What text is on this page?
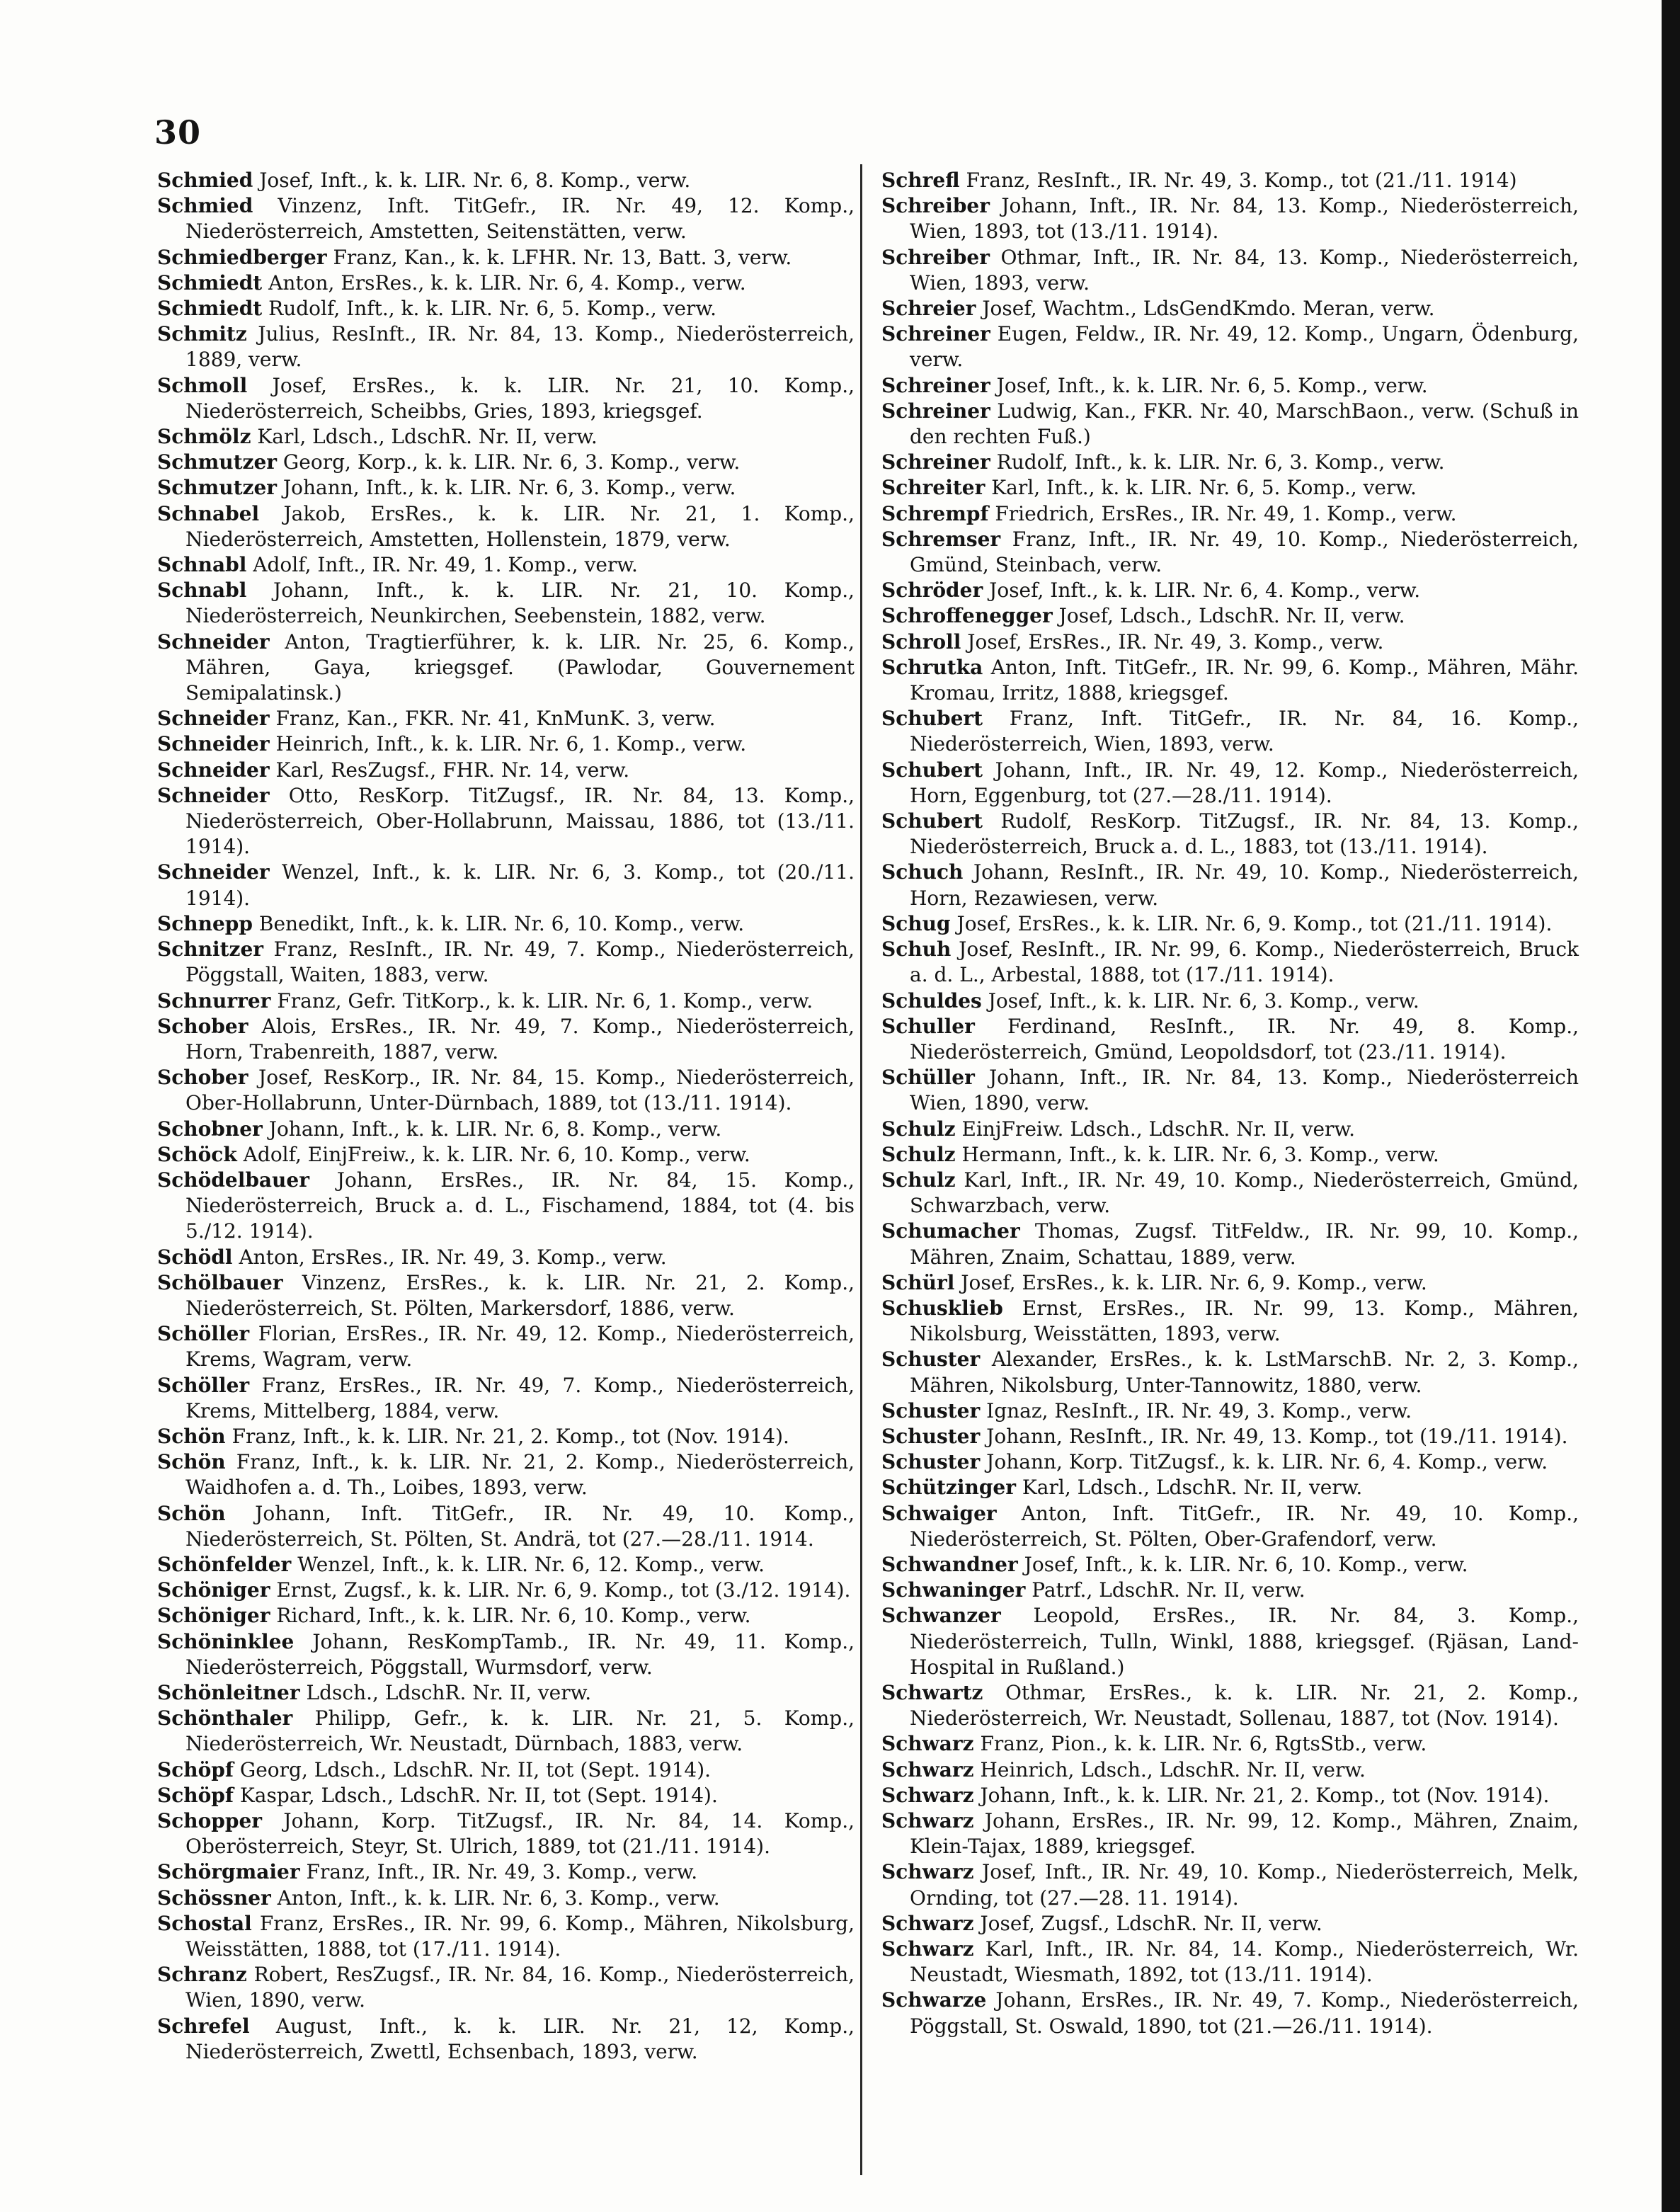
30
Schmied Josef, Inft., k. k. LIR. Nr. 6, 8. Komp., verw.
Schmied Vinzenz, Inft. TitGefr., IR. Nr. 49, 12. Komp., Niederösterreich, Amstetten, Seitenstätten, verw.
Schmiedberger Franz, Kan., k. k. LFHR. Nr. 13, Batt. 3, verw.
Schmiedt Anton, ErsRes., k. k. LIR. Nr. 6, 4. Komp., verw.
Schmiedt Rudolf, Inft., k. k. LIR. Nr. 6, 5. Komp., verw.
Schmitz Julius, ResInft., IR. Nr. 84, 13. Komp., Niederösterreich, 1889, verw.
Schmoll Josef, ErsRes., k. k. LIR. Nr. 21, 10. Komp., Niederösterreich, Scheibbs, Gries, 1893, kriegsgef.
Schmölz Karl, Ldsch., LdschR. Nr. II, verw.
Schmutzer Georg, Korp., k. k. LIR. Nr. 6, 3. Komp., verw.
Schmutzer Johann, Inft., k. k. LIR. Nr. 6, 3. Komp., verw.
Schnabel Jakob, ErsRes., k. k. LIR. Nr. 21, 1. Komp., Niederösterreich, Amstetten, Hollenstein, 1879, verw.
Schnabl Adolf, Inft., IR. Nr. 49, 1. Komp., verw.
Schnabl Johann, Inft., k. k. LIR. Nr. 21, 10. Komp., Niederösterreich, Neunkirchen, Seebenstein, 1882, verw.
Schneider Anton, Tragtierführer, k. k. LIR. Nr. 25, 6. Komp., Mähren, Gaya, kriegsgef. (Pawlodar, Gouvernement Semipalatinsk.)
Schneider Franz, Kan., FKR. Nr. 41, KnMunK. 3, verw.
Schneider Heinrich, Inft., k. k. LIR. Nr. 6, 1. Komp., verw.
Schneider Karl, ResZugsf., FHR. Nr. 14, verw.
Schneider Otto, ResKorp. TitZugsf., IR. Nr. 84, 13. Komp., Niederösterreich, Ober-Hollabrunn, Maissau, 1886, tot (13./11. 1914).
Schneider Wenzel, Inft., k. k. LIR. Nr. 6, 3. Komp., tot (20./11. 1914).
Schnepp Benedikt, Inft., k. k. LIR. Nr. 6, 10. Komp., verw.
Schnitzer Franz, ResInft., IR. Nr. 49, 7. Komp., Niederösterreich, Pöggstall, Waiten, 1883, verw.
Schnurrer Franz, Gefr. TitKorp., k. k. LIR. Nr. 6, 1. Komp., verw.
Schober Alois, ErsRes., IR. Nr. 49, 7. Komp., Niederösterreich, Horn, Trabenreith, 1887, verw.
Schober Josef, ResKorp., IR. Nr. 84, 15. Komp., Niederösterreich, Ober-Hollabrunn, Unter-Dürnbach, 1889, tot (13./11. 1914).
Schobner Johann, Inft., k. k. LIR. Nr. 6, 8. Komp., verw.
Schöck Adolf, EinjFreiw., k. k. LIR. Nr. 6, 10. Komp., verw.
Schödelbauer Johann, ErsRes., IR. Nr. 84, 15. Komp., Niederösterreich, Bruck a. d. L., Fischamend, 1884, tot (4. bis 5./12. 1914).
Schödl Anton, ErsRes., IR. Nr. 49, 3. Komp., verw.
Schölbauer Vinzenz, ErsRes., k. k. LIR. Nr. 21, 2. Komp., Niederösterreich, St. Pölten, Markersdorf, 1886, verw.
Schöller Florian, ErsRes., IR. Nr. 49, 12. Komp., Niederösterreich, Krems, Wagram, verw.
Schöller Franz, ErsRes., IR. Nr. 49, 7. Komp., Niederösterreich, Krems, Mittelberg, 1884, verw.
Schön Franz, Inft., k. k. LIR. Nr. 21, 2. Komp., tot (Nov. 1914).
Schön Franz, Inft., k. k. LIR. Nr. 21, 2. Komp., Niederösterreich, Waidhofen a. d. Th., Loibes, 1893, verw.
Schön Johann, Inft. TitGefr., IR. Nr. 49, 10. Komp., Niederösterreich, St. Pölten, St. Andrä, tot (27.—28./11. 1914.
Schönfelder Wenzel, Inft., k. k. LIR. Nr. 6, 12. Komp., verw.
Schöniger Ernst, Zugsf., k. k. LIR. Nr. 6, 9. Komp., tot (3./12. 1914).
Schöniger Richard, Inft., k. k. LIR. Nr. 6, 10. Komp., verw.
Schöninklee Johann, ResKompTamb., IR. Nr. 49, 11. Komp., Niederösterreich, Pöggstall, Wurmsdorf, verw.
Schönleitner Ldsch., LdschR. Nr. II, verw.
Schönthaler Philipp, Gefr., k. k. LIR. Nr. 21, 5. Komp., Niederösterreich, Wr. Neustadt, Dürnbach, 1883, verw.
Schöpf Georg, Ldsch., LdschR. Nr. II, tot (Sept. 1914).
Schöpf Kaspar, Ldsch., LdschR. Nr. II, tot (Sept. 1914).
Schopper Johann, Korp. TitZugsf., IR. Nr. 84, 14. Komp., Oberösterreich, Steyr, St. Ulrich, 1889, tot (21./11. 1914).
Schörgmaier Franz, Inft., IR. Nr. 49, 3. Komp., verw.
Schössner Anton, Inft., k. k. LIR. Nr. 6, 3. Komp., verw.
Schostal Franz, ErsRes., IR. Nr. 99, 6. Komp., Mähren, Nikolsburg, Weisstätten, 1888, tot (17./11. 1914).
Schranz Robert, ResZugsf., IR. Nr. 84, 16. Komp., Niederösterreich, Wien, 1890, verw.
Schrefel August, Inft., k. k. LIR. Nr. 21, 12, Komp., Niederösterreich, Zwettl, Echsenbach, 1893, verw.
Schrefl Franz, ResInft., IR. Nr. 49, 3. Komp., tot (21./11. 1914)
Schreiber Johann, Inft., IR. Nr. 84, 13. Komp., Niederösterreich, Wien, 1893, tot (13./11. 1914).
Schreiber Othmar, Inft., IR. Nr. 84, 13. Komp., Niederösterreich, Wien, 1893, verw.
Schreier Josef, Wachtm., LdsGendKmdo. Meran, verw.
Schreiner Eugen, Feldw., IR. Nr. 49, 12. Komp., Ungarn, Ödenburg, verw.
Schreiner Josef, Inft., k. k. LIR. Nr. 6, 5. Komp., verw.
Schreiner Ludwig, Kan., FKR. Nr. 40, MarschBaon., verw. (Schuß in den rechten Fuß.)
Schreiner Rudolf, Inft., k. k. LIR. Nr. 6, 3. Komp., verw.
Schreiter Karl, Inft., k. k. LIR. Nr. 6, 5. Komp., verw.
Schrempf Friedrich, ErsRes., IR. Nr. 49, 1. Komp., verw.
Schremser Franz, Inft., IR. Nr. 49, 10. Komp., Niederösterreich, Gmünd, Steinbach, verw.
Schröder Josef, Inft., k. k. LIR. Nr. 6, 4. Komp., verw.
Schroffenegger Josef, Ldsch., LdschR. Nr. II, verw.
Schroll Josef, ErsRes., IR. Nr. 49, 3. Komp., verw.
Schrutka Anton, Inft. TitGefr., IR. Nr. 99, 6. Komp., Mähren, Mähr. Kromau, Irritz, 1888, kriegsgef.
Schubert Franz, Inft. TitGefr., IR. Nr. 84, 16. Komp., Niederösterreich, Wien, 1893, verw.
Schubert Johann, Inft., IR. Nr. 49, 12. Komp., Niederösterreich, Horn, Eggenburg, tot (27.—28./11. 1914).
Schubert Rudolf, ResKorp. TitZugsf., IR. Nr. 84, 13. Komp., Niederösterreich, Bruck a. d. L., 1883, tot (13./11. 1914).
Schuch Johann, ResInft., IR. Nr. 49, 10. Komp., Niederösterreich, Horn, Rezawiesen, verw.
Schug Josef, ErsRes., k. k. LIR. Nr. 6, 9. Komp., tot (21./11. 1914).
Schuh Josef, ResInft., IR. Nr. 99, 6. Komp., Niederösterreich, Bruck a. d. L., Arbestal, 1888, tot (17./11. 1914).
Schuldes Josef, Inft., k. k. LIR. Nr. 6, 3. Komp., verw.
Schuller Ferdinand, ResInft., IR. Nr. 49, 8. Komp., Niederösterreich, Gmünd, Leopoldsdorf, tot (23./11. 1914).
Schüller Johann, Inft., IR. Nr. 84, 13. Komp., Niederösterreich Wien, 1890, verw.
Schulz EinjFreiw. Ldsch., LdschR. Nr. II, verw.
Schulz Hermann, Inft., k. k. LIR. Nr. 6, 3. Komp., verw.
Schulz Karl, Inft., IR. Nr. 49, 10. Komp., Niederösterreich, Gmünd, Schwarzbach, verw.
Schumacher Thomas, Zugsf. TitFeldw., IR. Nr. 99, 10. Komp., Mähren, Znaim, Schattau, 1889, verw.
Schürl Josef, ErsRes., k. k. LIR. Nr. 6, 9. Komp., verw.
Schusklieb Ernst, ErsRes., IR. Nr. 99, 13. Komp., Mähren, Nikolsburg, Weisstätten, 1893, verw.
Schuster Alexander, ErsRes., k. k. LstMarschB. Nr. 2, 3. Komp., Mähren, Nikolsburg, Unter-Tannowitz, 1880, verw.
Schuster Ignaz, ResInft., IR. Nr. 49, 3. Komp., verw.
Schuster Johann, ResInft., IR. Nr. 49, 13. Komp., tot (19./11. 1914).
Schuster Johann, Korp. TitZugsf., k. k. LIR. Nr. 6, 4. Komp., verw.
Schützinger Karl, Ldsch., LdschR. Nr. II, verw.
Schwaiger Anton, Inft. TitGefr., IR. Nr. 49, 10. Komp., Niederösterreich, St. Pölten, Ober-Grafendorf, verw.
Schwandner Josef, Inft., k. k. LIR. Nr. 6, 10. Komp., verw.
Schwaninger Patrf., LdschR. Nr. II, verw.
Schwanzer Leopold, ErsRes., IR. Nr. 84, 3. Komp., Niederösterreich, Tulln, Winkl, 1888, kriegsgef. (Rjäsan, Land-Hospital in Rußland.)
Schwartz Othmar, ErsRes., k. k. LIR. Nr. 21, 2. Komp., Niederösterreich, Wr. Neustadt, Sollenau, 1887, tot (Nov. 1914).
Schwarz Franz, Pion., k. k. LIR. Nr. 6, RgtsStb., verw.
Schwarz Heinrich, Ldsch., LdschR. Nr. II, verw.
Schwarz Johann, Inft., k. k. LIR. Nr. 21, 2. Komp., tot (Nov. 1914).
Schwarz Johann, ErsRes., IR. Nr. 99, 12. Komp., Mähren, Znaim, Klein-Tajax, 1889, kriegsgef.
Schwarz Josef, Inft., IR. Nr. 49, 10. Komp., Niederösterreich, Melk, Ornding, tot (27.—28. 11. 1914).
Schwarz Josef, Zugsf., LdschR. Nr. II, verw.
Schwarz Karl, Inft., IR. Nr. 84, 14. Komp., Niederösterreich, Wr. Neustadt, Wiesmath, 1892, tot (13./11. 1914).
Schwarze Johann, ErsRes., IR. Nr. 49, 7. Komp., Niederösterreich, Pöggstall, St. Oswald, 1890, tot (21.—26./11. 1914).
